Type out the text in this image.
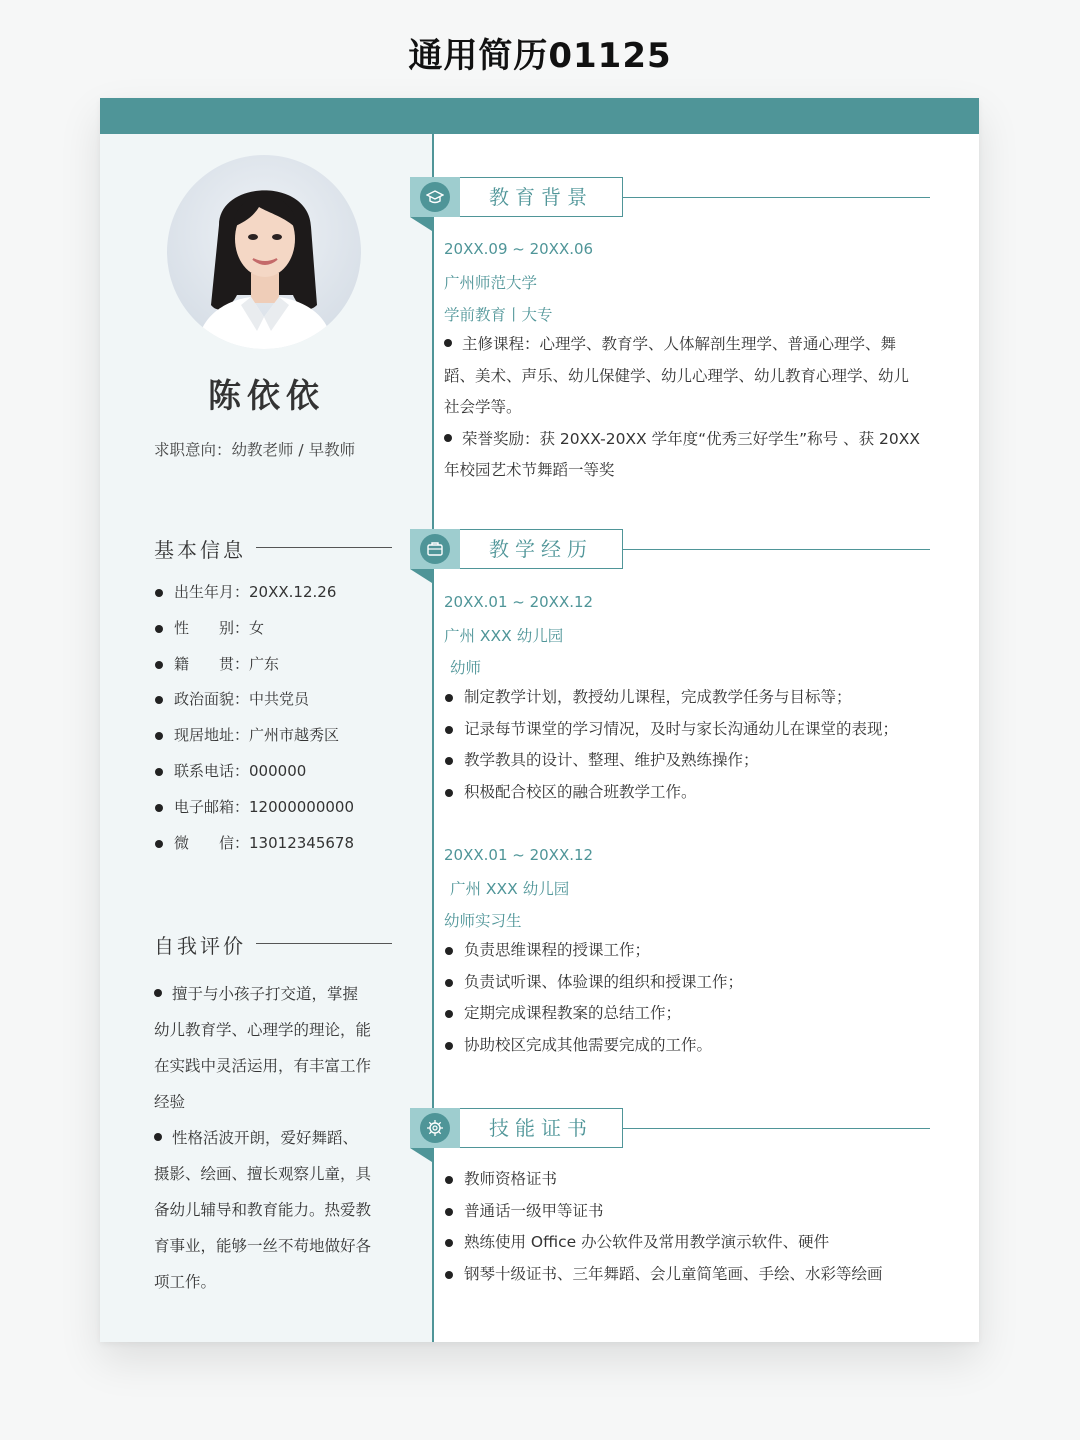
通用简历01125
陈依依
求职意向：幼教老师 / 早教师
基本信息
出生年月：20XX.12.26
性　　别：女
籍　　贯：广东
政治面貌：中共党员
现居地址：广州市越秀区
联系电话：000000
电子邮箱：12000000000
微　　信：13012345678
自我评价

擅于与小孩子打交道，掌握

幼儿教育学、心理学的理论，能

在实践中灵活运用，有丰富工作

经验

性格活波开朗，爱好舞蹈、

摄影、绘画、擅长观察儿童，具

备幼儿辅导和教育能力。热爱教

育事业，能够一丝不苟地做好各

项工作。

教育背景
20XX.09 ~ 20XX.06
广州师范大学
学前教育丨大专
主修课程：心理学、教育学、人体解剖生理学、普通心理学、舞
蹈、美术、声乐、幼儿保健学、幼儿心理学、幼儿教育心理学、幼儿
社会学等。
荣誉奖励：获 20XX-20XX 学年度“优秀三好学生”称号 、获 20XX
年校园艺术节舞蹈一等奖
教学经历
20XX.01 ~ 20XX.12
广州 XXX 幼儿园
幼师
制定教学计划，教授幼儿课程，完成教学任务与目标等；
记录每节课堂的学习情况，及时与家长沟通幼儿在课堂的表现；
教学教具的设计、整理、维护及熟练操作；
积极配合校区的融合班教学工作。
20XX.01 ~ 20XX.12
广州 XXX 幼儿园
幼师实习生
负责思维课程的授课工作；
负责试听课、体验课的组织和授课工作；
定期完成课程教案的总结工作；
协助校区完成其他需要完成的工作。
技能证书
教师资格证书
普通话一级甲等证书
熟练使用 Office 办公软件及常用教学演示软件、硬件
钢琴十级证书、三年舞蹈、会儿童简笔画、手绘、水彩等绘画
